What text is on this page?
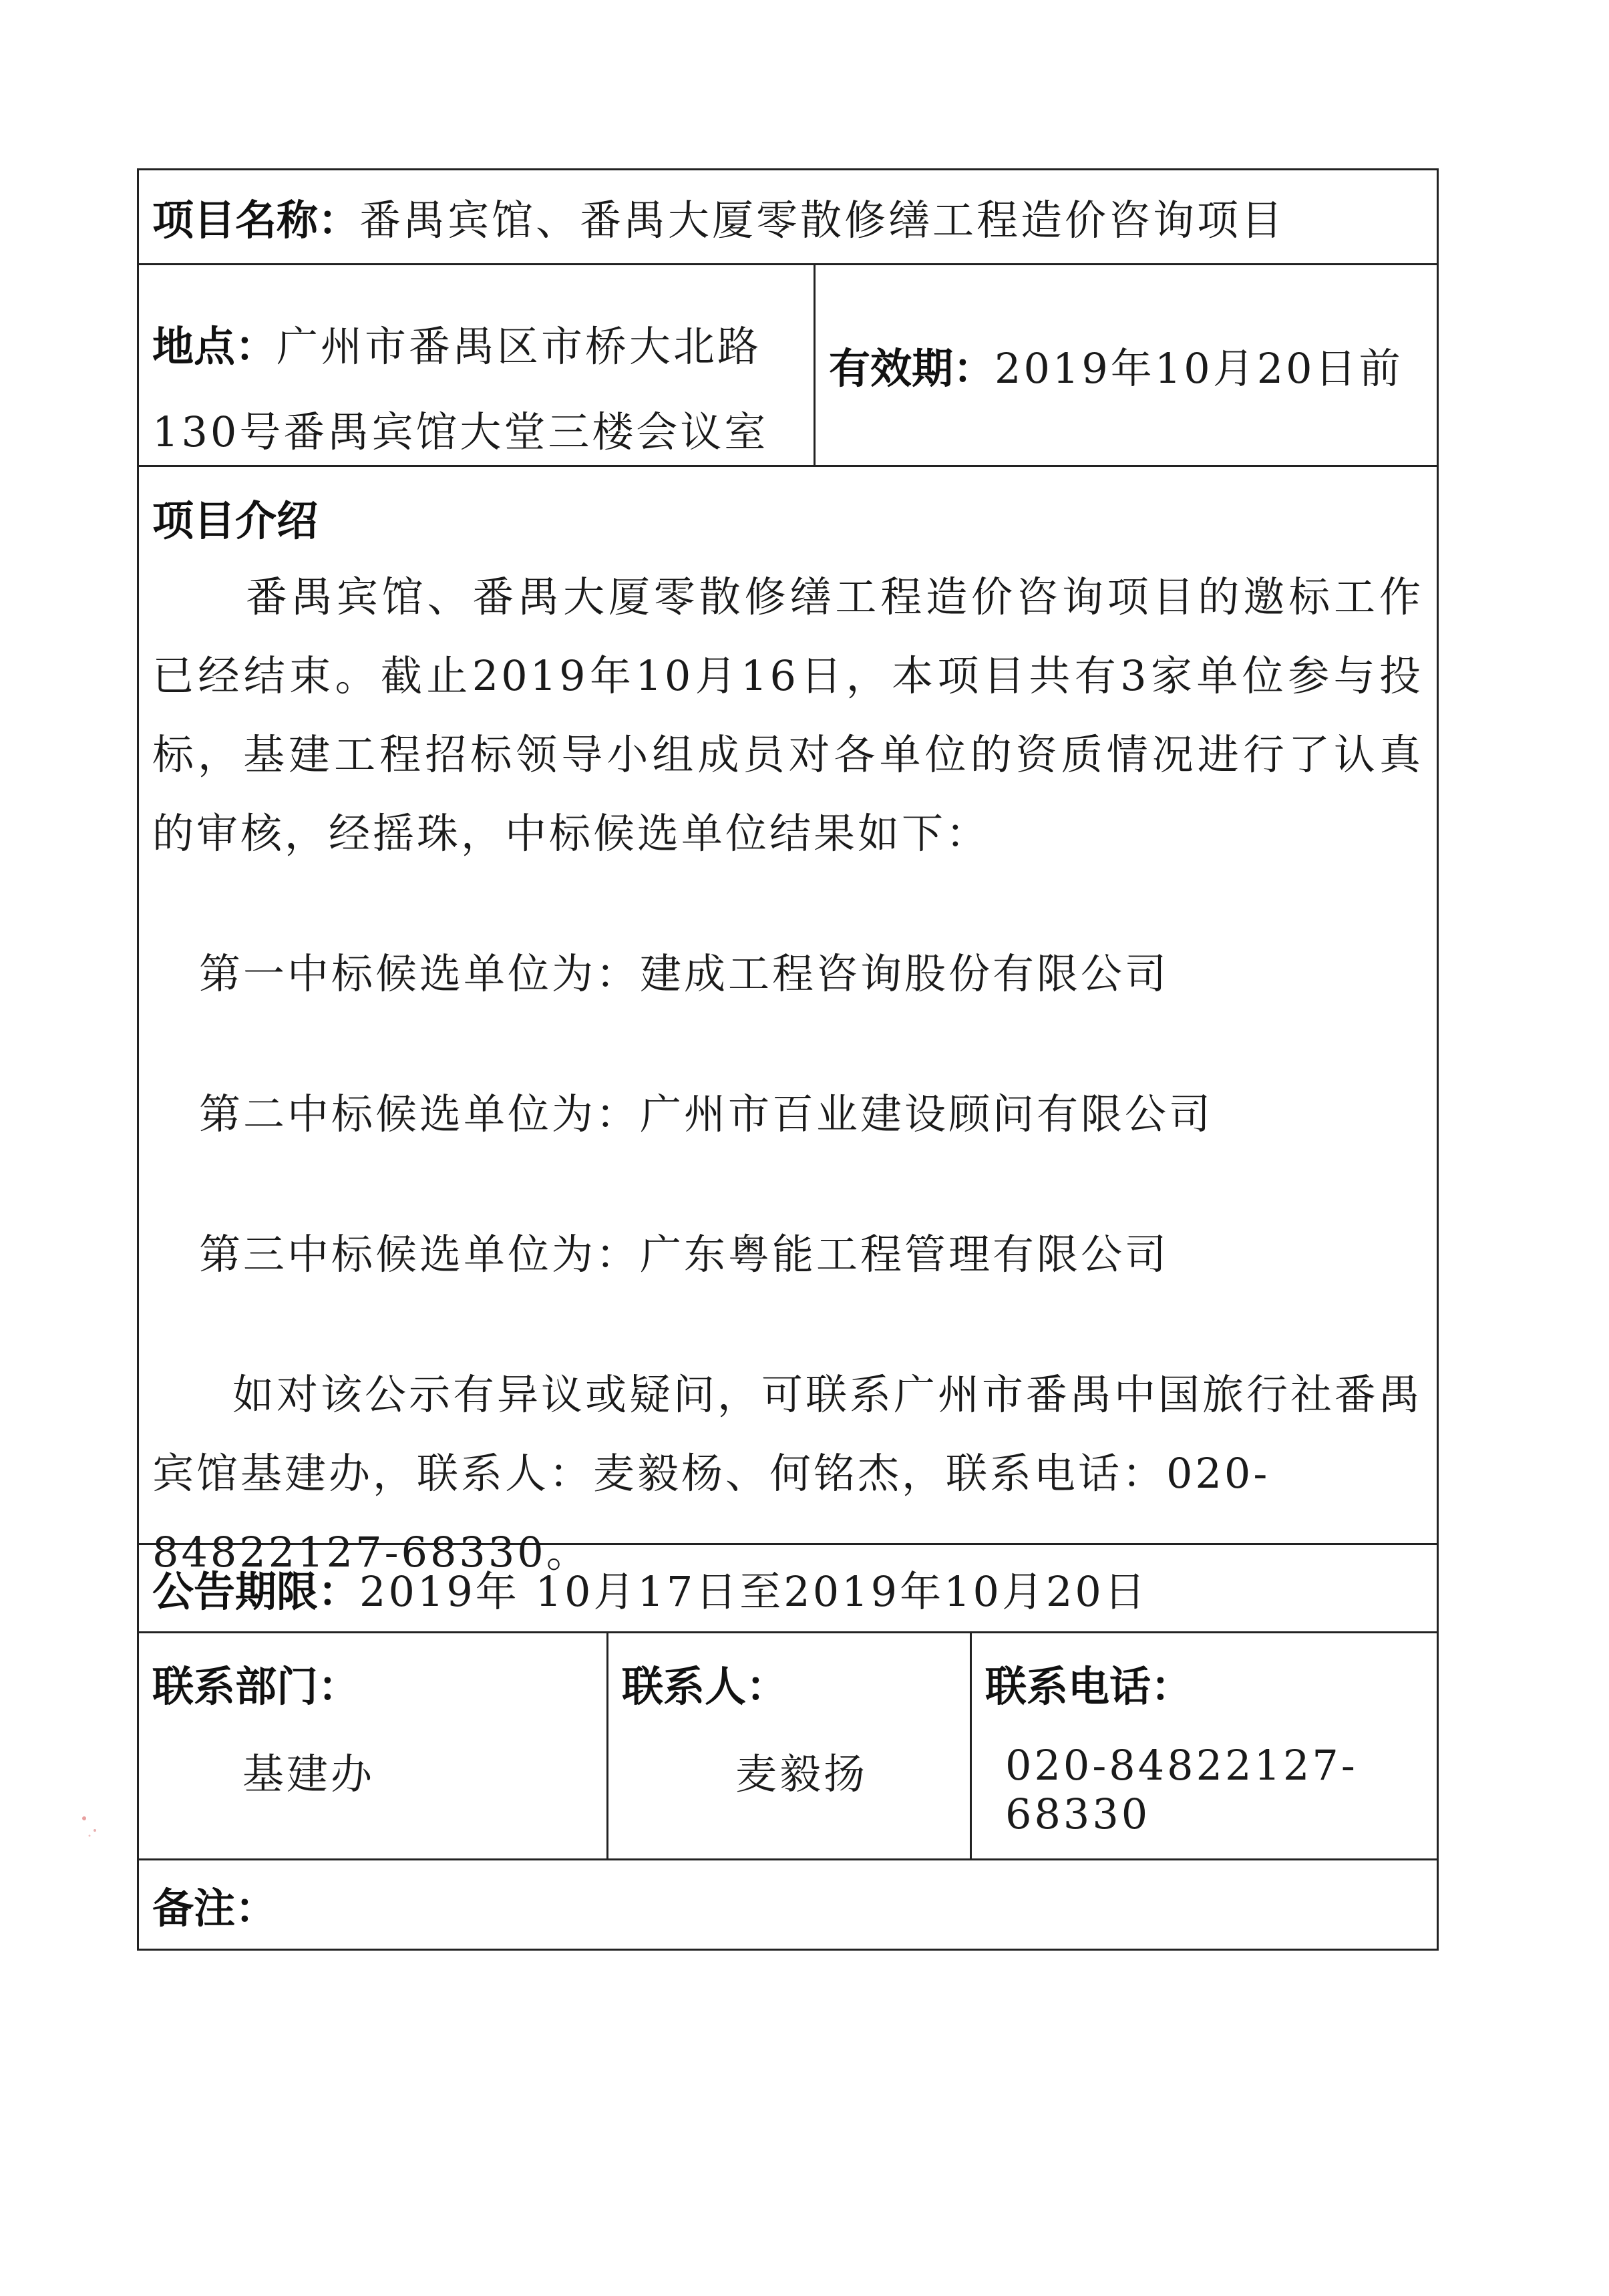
项目名称：番禺宾馆、番禺大厦零散修缮工程造价咨询项目
地点：广州市番禺区市桥大北路
130号番禺宾馆大堂三楼会议室
有效期： 2019年10月20日前
项目介绍

番禺宾馆、番禺大厦零散修缮工程造价咨询项目的邀标工作已经结束。截止2019年10月16日，本项目共有3家单位参与投标，基建工程招标领导小组成员对各单位的资质情况进行了认真的审核，经摇珠，中标候选单位结果如下：

第一中标候选单位为：建成工程咨询股份有限公司
第二中标候选单位为：广州市百业建设顾问有限公司
第三中标候选单位为：广东粤能工程管理有限公司

如对该公示有异议或疑问，可联系广州市番禺中国旅行社番禺宾馆基建办，联系人：麦毅杨、何铭杰，联系电话：020-84822127-68330。

公告期限：2019年 10月17日至2019年10月20日
联系部门：
基建办
联系人：
麦毅扬
联系电话：
020-84822127-68330
备注：
